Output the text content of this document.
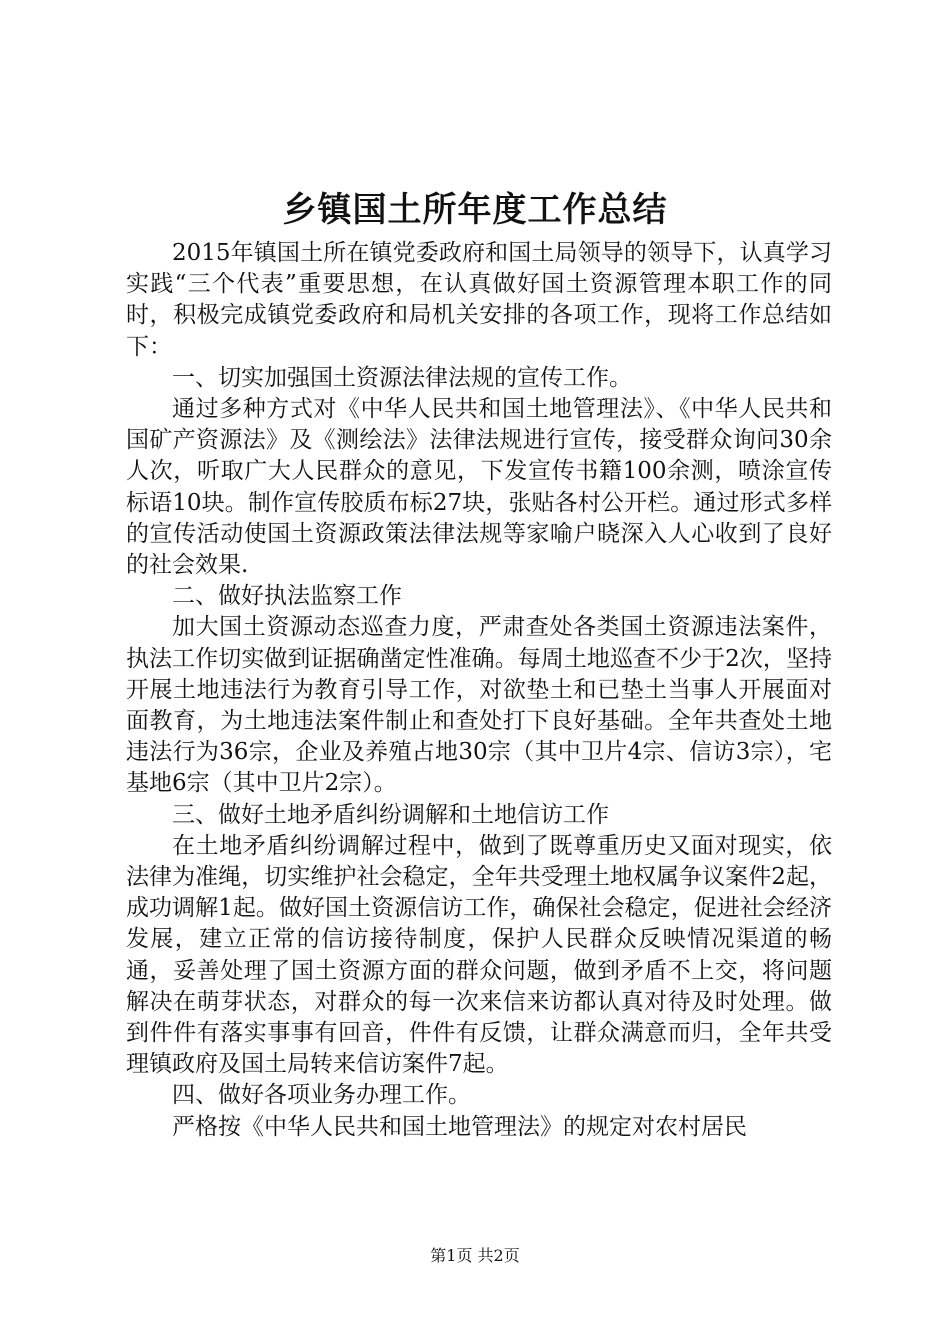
乡镇国土所年度工作总结

2015年镇国土所在镇党委政府和国土局领导的领导下，认真学习实践“三个代表”重要思想，在认真做好国土资源管理本职工作的同时，积极完成镇党委政府和局机关安排的各项工作，现将工作总结如下：

一、切实加强国土资源法律法规的宣传工作。

通过多种方式对《中华人民共和国土地管理法》、《中华人民共和国矿产资源法》及《测绘法》法律法规进行宣传，接受群众询问30余人次，听取广大人民群众的意见，下发宣传书籍100余测，喷涂宣传标语10块。制作宣传胶质布标27块，张贴各村公开栏。通过形式多样的宣传活动使国土资源政策法律法规等家喻户晓深入人心收到了良好的社会效果.

二、做好执法监察工作

加大国土资源动态巡查力度，严肃查处各类国土资源违法案件，执法工作切实做到证据确凿定性准确。每周土地巡查不少于2次，坚持开展土地违法行为教育引导工作，对欲垫土和已垫土当事人开展面对面教育，为土地违法案件制止和查处打下良好基础。全年共查处土地违法行为36宗，企业及养殖占地30宗（其中卫片4宗、信访3宗），宅基地6宗（其中卫片2宗）。

三、做好土地矛盾纠纷调解和土地信访工作

在土地矛盾纠纷调解过程中，做到了既尊重历史又面对现实，依法律为准绳，切实维护社会稳定，全年共受理土地权属争议案件2起，成功调解1起。做好国土资源信访工作，确保社会稳定，促进社会经济发展，建立正常的信访接待制度，保护人民群众反映情况渠道的畅通，妥善处理了国土资源方面的群众问题，做到矛盾不上交，将问题解决在萌芽状态，对群众的每一次来信来访都认真对待及时处理。做到件件有落实事事有回音，件件有反馈，让群众满意而归，全年共受理镇政府及国土局转来信访案件7起。

四、做好各项业务办理工作。

严格按《中华人民共和国土地管理法》的规定对农村居民

第1页 共2页
